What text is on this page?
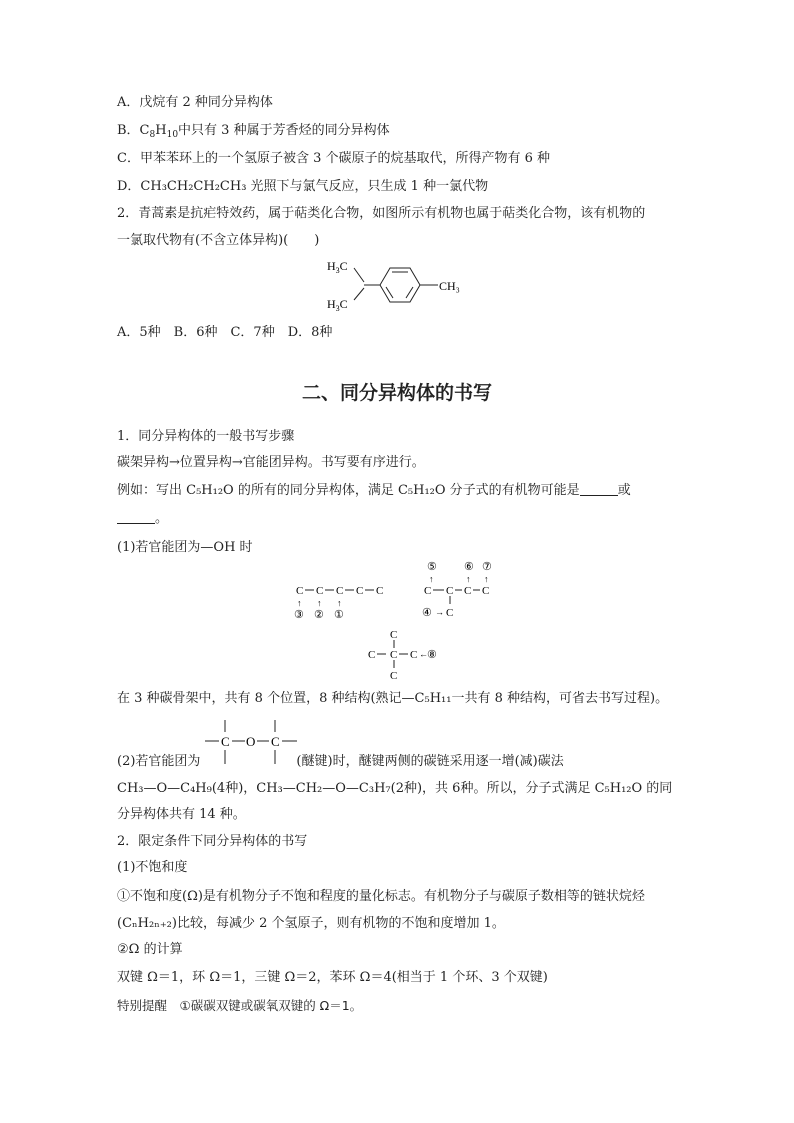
A．戊烷有 2 种同分异构体
B．$C_8H_{10}$中只有 3 种属于芳香烃的同分异构体
C．甲苯苯环上的一个氢原子被含 3 个碳原子的烷基取代，所得产物有 6 种
D．CH₃CH₂CH₂CH₃ 光照下与氯气反应，只生成 1 种一氯代物
2．青蒿素是抗疟特效药，属于萜类化合物，如图所示有机物也属于萜类化合物，该有机物的
一氯取代物有(不含立体异构)(　　)
$H_3C$
$H_3C$
CH₃
A．5种　B．6种　C．7种　D．8种
二、同分异构体的书写
1．同分异构体的一般书写步骤
碳架异构→位置异构→官能团异构。书写要有序进行。
例如：写出 C₅H₁₂O 的所有的同分异构体，满足 C₅H₁₂O 分子式的有机物可能是	或
。
(1)若官能团为—OH 时
C C C C C
↑ ↑ ↑
③ ② ①
⑤ ⑥ ⑦
↑	↑ ↑
C C C C
④ → C
C
C C C ← ⑧
C
在 3 种碳骨架中，共有 8 个位置，8 种结构(熟记—C₅H₁₁一共有 8 种结构，可省去书写过程)。
C O C
(2)若官能团为	(醚键)时，醚键两侧的碳链采用逐一增(减)碳法
CH₃—O—C₄H₉(4种)，CH₃—CH₂—O—C₃H₇(2种)，共 6种。所以，分子式满足 C₅H₁₂O 的同
分异构体共有 14 种。
2．限定条件下同分异构体的书写
(1)不饱和度
①不饱和度(Ω)是有机物分子不饱和程度的量化标志。有机物分子与碳原子数相等的链状烷烃
(CₙH₂ₙ₊₂)比较，每减少 2 个氢原子，则有机物的不饱和度增加 1。
②Ω 的计算
双键 Ω＝1，环 Ω＝1，三键 Ω＝2，苯环 Ω＝4(相当于 1 个环、3 个双键)
特别提醒　①碳碳双键或碳氧双键的 Ω＝1。
